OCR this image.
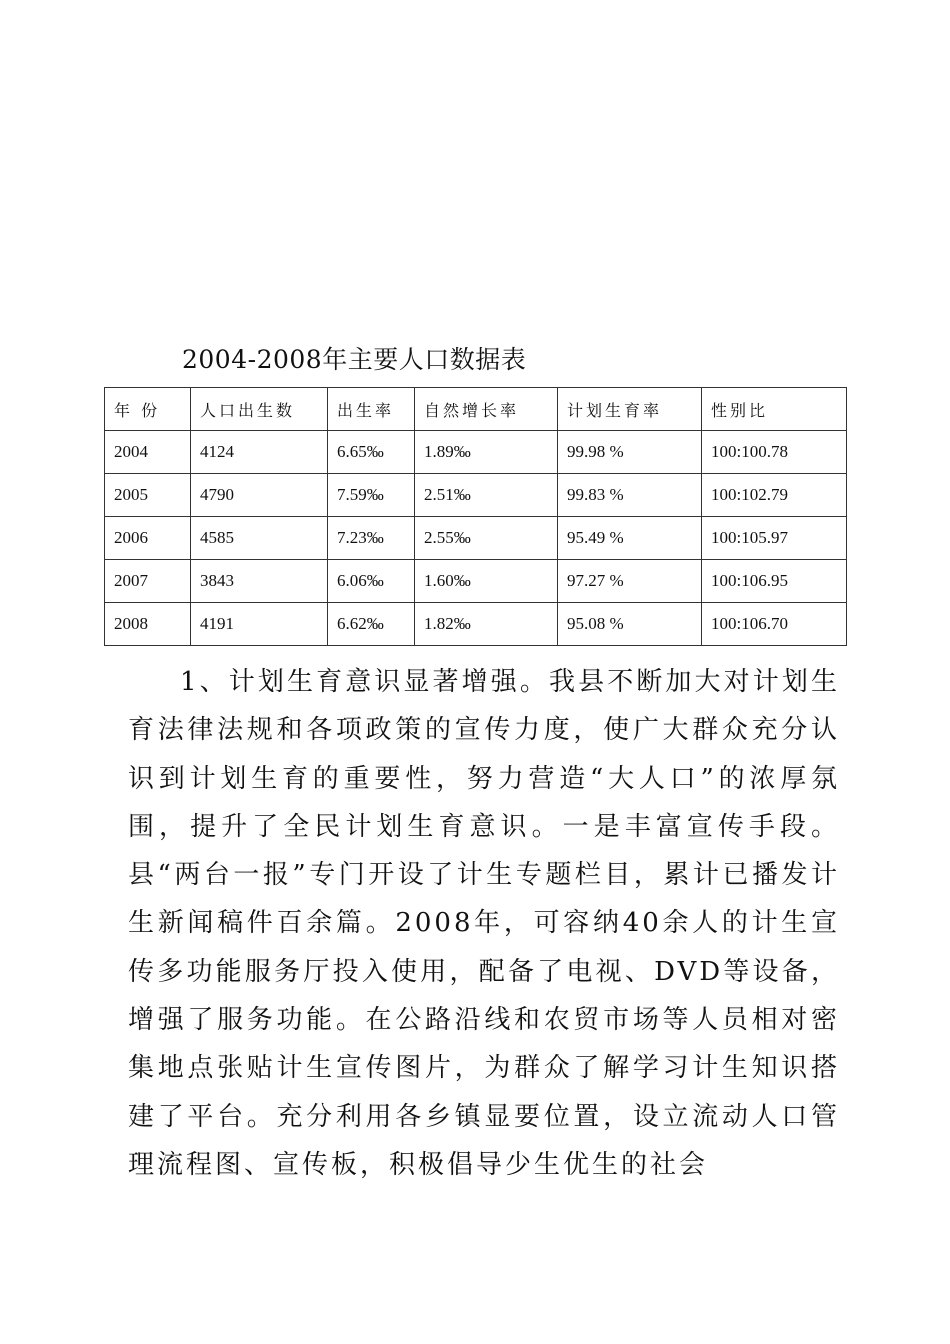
2004-2008年主要人口数据表
年 份	人口出生数	出生率	自然增长率	计划生育率	性别比
2004	4124	6.65‰	1.89‰	99.98 %	100:100.78
2005	4790	7.59‰	2.51‰	99.83 %	100:102.79
2006	4585	7.23‰	2.55‰	95.49 %	100:105.97
2007	3843	6.06‰	1.60‰	97.27 %	100:106.95
2008	4191	6.62‰	1.82‰	95.08 %	100:106.70

1、计划生育意识显著增强。我县不断加大对计划生育法律法规和各项政策的宣传力度，使广大群众充分认识到计划生育的重要性，努力营造“大人口”的浓厚氛围，提升了全民计划生育意识。一是丰富宣传手段。县“两台一报”专门开设了计生专题栏目，累计已播发计生新闻稿件百余篇。2008年，可容纳40余人的计生宣传多功能服务厅投入使用，配备了电视、DVD等设备，增强了服务功能。在公路沿线和农贸市场等人员相对密集地点张贴计生宣传图片，为群众了解学习计生知识搭建了平台。充分利用各乡镇显要位置，设立流动人口管理流程图、宣传板，积极倡导少生优生的社会
